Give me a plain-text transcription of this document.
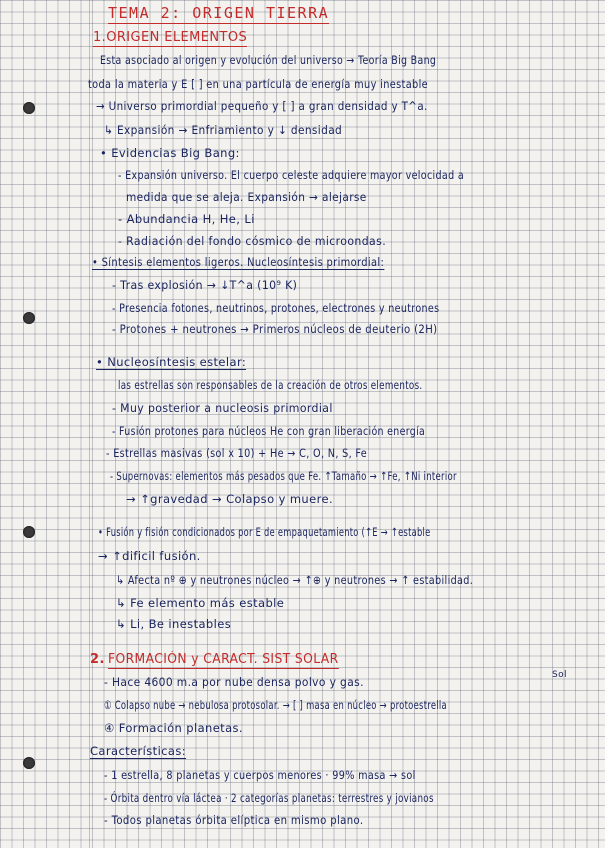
TEMA 2: ORIGEN TIERRA
1.ORIGEN ELEMENTOS
Esta asociado al origen y evolución del universo → Teoría Big Bang
toda la materia y E [ ] en una partícula de energía muy inestable
→ Universo primordial pequeño y [ ] a gran densidad y T^a.
↳ Expansión → Enfriamiento y ↓ densidad
• Evidencias Big Bang:
- Expansión universo. El cuerpo celeste adquiere mayor velocidad a
medida que se aleja. Expansión → alejarse
- Abundancia H, He, Li
- Radiación del fondo cósmico de microondas.
• Síntesis elementos ligeros. Nucleosíntesis primordial:
- Tras explosión → ↓T^a (10⁹ K)
- Presencia fotones, neutrinos, protones, electrones y neutrones
- Protones + neutrones → Primeros núcleos de deuterio (2H)
• Nucleosíntesis estelar:
las estrellas son responsables de la creación de otros elementos.
- Muy posterior a nucleosis primordial
- Fusión protones para núcleos He con gran liberación energía
- Estrellas masivas (sol x 10) + He → C, O, N, S, Fe
- Supernovas: elementos más pesados que Fe. ↑Tamaño → ↑Fe, ↑Ni interior
→ ↑gravedad → Colapso y muere.
• Fusión y fisión condicionados por E de empaquetamiento (↑E → ↑estable
→ ↑dificil fusión.
↳ Afecta nº ⊕ y neutrones núcleo → ↑⊕ y neutrones → ↑ estabilidad.
↳ Fe elemento más estable
↳ Li, Be inestables
2. FORMACIÓN y CARACT. SIST SOLAR
- Hace 4600 m.a por nube densa polvo y gas.	Sol
① Colapso nube → nebulosa protosolar. → [ ] masa en núcleo → protoestrella
④ Formación planetas.
Características:
- 1 estrella, 8 planetas y cuerpos menores · 99% masa → sol
- Órbita dentro vía láctea · 2 categorías planetas: terrestres y jovianos
- Todos planetas órbita elíptica en mismo plano.
